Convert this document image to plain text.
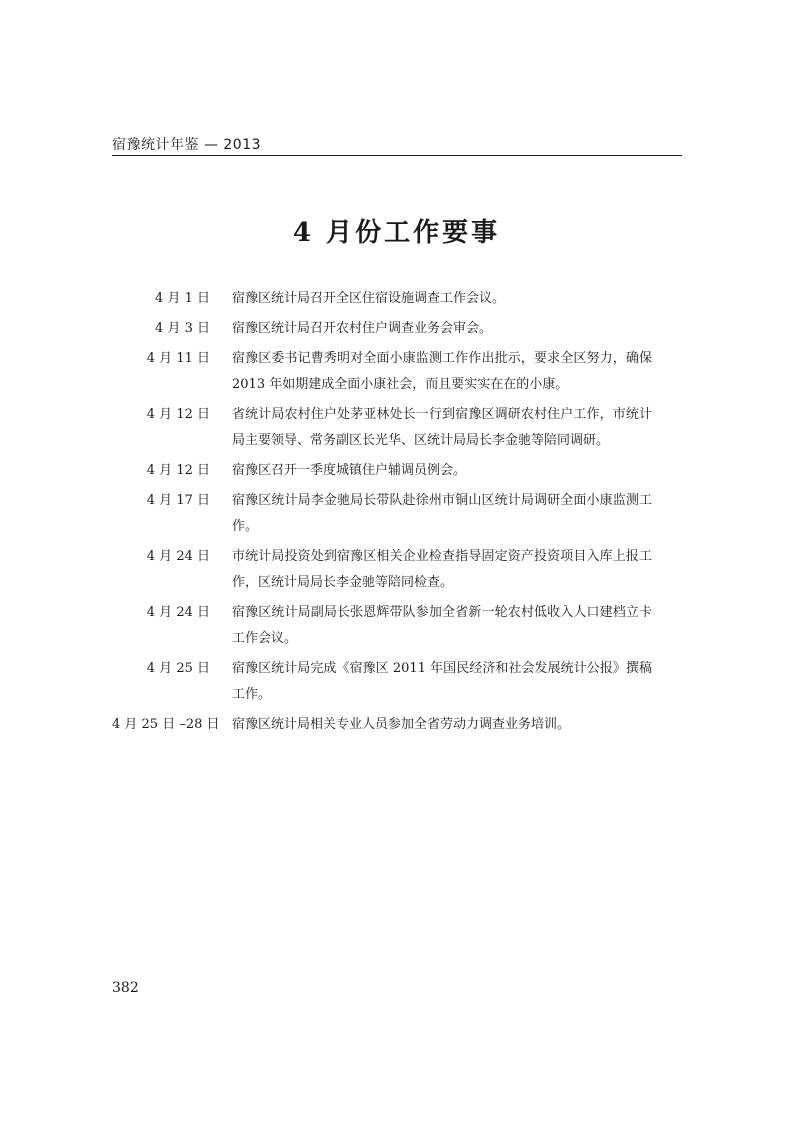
宿豫统计年鉴 — 2013
4 月份工作要事
4 月 1 日	宿豫区统计局召开全区住宿设施调查工作会议。
4 月 3 日	宿豫区统计局召开农村住户调查业务会审会。
4 月 11 日	宿豫区委书记曹秀明对全面小康监测工作作出批示，要求全区努力，确保 2013 年如期建成全面小康社会，而且要实实在在的小康。
4 月 12 日	省统计局农村住户处茅亚林处长一行到宿豫区调研农村住户工作，市统计局主要领导、常务副区长光华、区统计局局长李金驰等陪同调研。
4 月 12 日	宿豫区召开一季度城镇住户辅调员例会。
4 月 17 日	宿豫区统计局李金驰局长带队赴徐州市铜山区统计局调研全面小康监测工作。
4 月 24 日	市统计局投资处到宿豫区相关企业检查指导固定资产投资项目入库上报工作，区统计局局长李金驰等陪同检查。
4 月 24 日	宿豫区统计局副局长张恩辉带队参加全省新一轮农村低收入人口建档立卡工作会议。
4 月 25 日	宿豫区统计局完成《宿豫区 2011 年国民经济和社会发展统计公报》撰稿工作。
4 月 25 日 –28 日 宿豫区统计局相关专业人员参加全省劳动力调查业务培训。
382
